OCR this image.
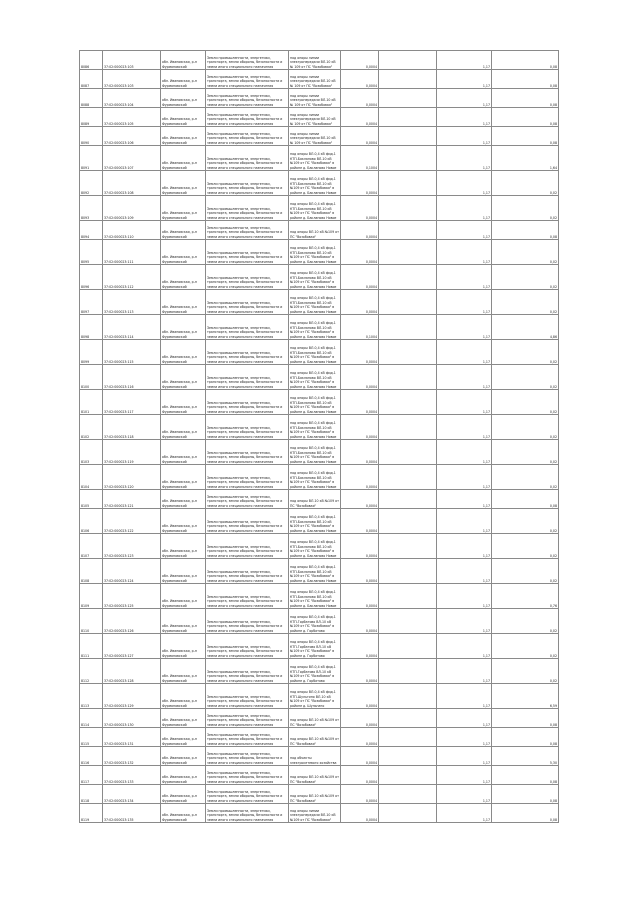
8086	37:02:000023:103	обл. Ивановская, р-н Фурмановский	Земли промышленности, энергетики, транспорта, земли обороны, безопасности и земли иного специального назначения	под опоры линии электропередачи ВЛ-10 кВ № 109 от ПС "Возобовая"	0,0004		1,17	0,08
8087	37:02:000023:103	обл. Ивановская, р-н Фурмановский	Земли промышленности, энергетики, транспорта, земли обороны, безопасности и земли иного специального назначения	под опоры линии электропередачи ВЛ-10 кВ № 109 от ПС "Возобовая"	0,0004		1,17	0,08
8088	37:02:000023:104	обл. Ивановская, р-н Фурмановский	Земли промышленности, энергетики, транспорта, земли обороны, безопасности и земли иного специального назначения	под опоры линии электропередачи ВЛ-10 кВ № 109 от ПС "Возобовая"	0,0004		1,17	0,08
8089	37:02:000023:105	обл. Ивановская, р-н Фурмановский	Земли промышленности, энергетики, транспорта, земли обороны, безопасности и земли иного специального назначения	под опоры линии электропередачи ВЛ-10 кВ № 109 от ПС "Возобовая"	0,0004		1,17	0,08
8090	37:02:000023:106	обл. Ивановская, р-н Фурмановский	Земли промышленности, энергетики, транспорта, земли обороны, безопасности и земли иного специального назначения	под опоры линии электропередачи ВЛ-10 кВ № 109 от ПС "Возобовая"	0,0004		1,17	0,08
8091	37:02:000023:107	обл. Ивановская, р-н Фурмановский	Земли промышленности, энергетики, транспорта, земли обороны, безопасности и земли иного специального назначения	под опоры ВЛ-0,4 кВ фид.1 КТП-Бакланово ВЛ-10 кВ №109 от ПС "Возобовая" в районе д. Бакланово Новое	0,1004		1,17	1,64
8092	37:02:000023:108	обл. Ивановская, р-н Фурмановский	Земли промышленности, энергетики, транспорта, земли обороны, безопасности и земли иного специального назначения	под опоры ВЛ-0,4 кВ фид.1 КТП-Бакланово ВЛ-10 кВ №109 от ПС "Возобовая" в районе д. Бакланово Новое	0,0004		1,17	0,02
8093	37:02:000023:109	обл. Ивановская, р-н Фурмановский	Земли промышленности, энергетики, транспорта, земли обороны, безопасности и земли иного специального назначения	под опоры ВЛ-0,4 кВ фид.1 КТП-Бакланово ВЛ-10 кВ №109 от ПС "Возобовая" в районе д. Бакланово Новое	0,0004		1,17	0,02
8094	37:02:000023:110	обл. Ивановская, р-н Фурмановский	Земли промышленности, энергетики, транспорта, земли обороны, безопасности и земли иного специального назначения	под опоры ВЛ-10 кВ №109 от ПС "Возобовая"	0,0004		1,17	0,08
8095	37:02:000023:111	обл. Ивановская, р-н Фурмановский	Земли промышленности, энергетики, транспорта, земли обороны, безопасности и земли иного специального назначения	под опоры ВЛ-0,4 кВ фид.1 КТП-Бакланово ВЛ-10 кВ №109 от ПС "Возобовая" в районе д. Бакланово Новое	0,0004		1,17	0,02
8096	37:02:000023:112	обл. Ивановская, р-н Фурмановский	Земли промышленности, энергетики, транспорта, земли обороны, безопасности и земли иного специального назначения	под опоры ВЛ-0,4 кВ фид.1 КТП-Бакланово ВЛ-10 кВ №109 от ПС "Возобовая" в районе д. Бакланово Новое	0,0004		1,17	0,02
8097	37:02:000023:113	обл. Ивановская, р-н Фурмановский	Земли промышленности, энергетики, транспорта, земли обороны, безопасности и земли иного специального назначения	под опоры ВЛ-0,4 кВ фид.1 КТП-Бакланово ВЛ-10 кВ №109 от ПС "Возобовая" в районе д. Бакланово Новое	0,0004		1,17	0,02
8098	37:02:000023:114	обл. Ивановская, р-н Фурмановский	Земли промышленности, энергетики, транспорта, земли обороны, безопасности и земли иного специального назначения	под опоры ВЛ-0,4 кВ фид.1 КТП-Бакланово ВЛ-10 кВ №109 от ПС "Возобовая" в районе д. Бакланово Новое	0,1004		1,17	4,86
8099	37:02:000023:115	обл. Ивановская, р-н Фурмановский	Земли промышленности, энергетики, транспорта, земли обороны, безопасности и земли иного специального назначения	под опоры ВЛ-0,4 кВ фид.1 КТП-Бакланово ВЛ-10 кВ №109 от ПС "Возобовая" в районе д. Бакланово Новое	0,0004		1,17	0,02
8100	37:02:000023:116	обл. Ивановская, р-н Фурмановский	Земли промышленности, энергетики, транспорта, земли обороны, безопасности и земли иного специального назначения	под опоры ВЛ-0,4 кВ фид.1 КТП-Бакланово ВЛ-10 кВ №109 от ПС "Возобовая" в районе д. Бакланово Новое	0,0004		1,17	0,02
8101	37:02:000023:117	обл. Ивановская, р-н Фурмановский	Земли промышленности, энергетики, транспорта, земли обороны, безопасности и земли иного специального назначения	под опоры ВЛ-0,4 кВ фид.1 КТП-Бакланово ВЛ-10 кВ №109 от ПС "Возобовая" в районе д. Бакланово Новое	0,0004		1,17	0,02
8102	37:02:000023:118	обл. Ивановская, р-н Фурмановский	Земли промышленности, энергетики, транспорта, земли обороны, безопасности и земли иного специального назначения	под опоры ВЛ-0,4 кВ фид.1 КТП-Бакланово ВЛ-10 кВ №109 от ПС "Возобовая" в районе д. Бакланово Новое	0,0004		1,17	0,02
8103	37:02:000023:119	обл. Ивановская, р-н Фурмановский	Земли промышленности, энергетики, транспорта, земли обороны, безопасности и земли иного специального назначения	под опоры ВЛ-0,4 кВ фид.1 КТП-Бакланово ВЛ-10 кВ №109 от ПС "Возобовая" в районе д. Бакланово Новое	0,0004		1,17	0,02
8104	37:02:000023:120	обл. Ивановская, р-н Фурмановский	Земли промышленности, энергетики, транспорта, земли обороны, безопасности и земли иного специального назначения	под опоры ВЛ-0,4 кВ фид.1 КТП-Бакланово ВЛ-10 кВ №109 от ПС "Возобовая" в районе д. Бакланово Новое	0,0004		1,17	0,02
8105	37:02:000023:121	обл. Ивановская, р-н Фурмановский	Земли промышленности, энергетики, транспорта, земли обороны, безопасности и земли иного специального назначения	под опоры ВЛ-10 кВ №109 от ПС "Возобовая"	0,0004		1,17	0,08
8106	37:02:000023:122	обл. Ивановская, р-н Фурмановский	Земли промышленности, энергетики, транспорта, земли обороны, безопасности и земли иного специального назначения	под опоры ВЛ-0,4 кВ фид.1 КТП-Бакланово ВЛ-10 кВ №109 от ПС "Возобовая" в районе д. Бакланово Новое	0,0004		1,17	0,02
8107	37:02:000023:123	обл. Ивановская, р-н Фурмановский	Земли промышленности, энергетики, транспорта, земли обороны, безопасности и земли иного специального назначения	под опоры ВЛ-0,4 кВ фид.1 КТП-Бакланово ВЛ-10 кВ №109 от ПС "Возобовая" в районе д. Бакланово Новое	0,0004		1,17	0,02
8108	37:02:000023:124	обл. Ивановская, р-н Фурмановский	Земли промышленности, энергетики, транспорта, земли обороны, безопасности и земли иного специального назначения	под опоры ВЛ-0,4 кВ фид.1 КТП-Бакланово ВЛ-10 кВ №109 от ПС "Возобовая" в районе д. Бакланово Новое	0,0004		1,17	0,02
8109	37:02:000023:125	обл. Ивановская, р-н Фурмановский	Земли промышленности, энергетики, транспорта, земли обороны, безопасности и земли иного специального назначения	под опоры ВЛ-0,4 кВ фид.1 КТП-Бакланово ВЛ-10 кВ №109 от ПС "Возобовая" в районе д. Бакланово Новое	0,0004		1,17	0,76
8110	37:02:000023:126	обл. Ивановская, р-н Фурмановский	Земли промышленности, энергетики, транспорта, земли обороны, безопасности и земли иного специального назначения	под опоры ВЛ-0,4 кВ фид.1 КТП-Горбатово ВЛ-10 кВ №109 от ПС "Возобовая" в районе д. Горбатово	0,0004		1,17	0,02
8111	37:02:000023:127	обл. Ивановская, р-н Фурмановский	Земли промышленности, энергетики, транспорта, земли обороны, безопасности и земли иного специального назначения	под опоры ВЛ-0,4 кВ фид.1 КТП-Горбатово ВЛ-10 кВ №109 от ПС "Возобовая" в районе д. Горбатово	0,0004		1,17	0,02
8112	37:02:000023:128	обл. Ивановская, р-н Фурмановский	Земли промышленности, энергетики, транспорта, земли обороны, безопасности и земли иного специального назначения	под опоры ВЛ-0,4 кВ фид.1 КТП-Горбатово ВЛ-10 кВ №109 от ПС "Возобовая" в районе д. Горбатово	0,0004		1,17	0,02
8113	37:02:000023:129	обл. Ивановская, р-н Фурмановский	Земли промышленности, энергетики, транспорта, земли обороны, безопасности и земли иного специального назначения	под опоры ВЛ-0,4 кВ фид.1 КТП-Шульгино ВЛ-10 кВ №109 от ПС "Возобовая" в районе д. Шульгино	0,0004		1,17	6,59
8114	37:02:000023:130	обл. Ивановская, р-н Фурмановский	Земли промышленности, энергетики, транспорта, земли обороны, безопасности и земли иного специального назначения	под опоры ВЛ-10 кВ №109 от ПС "Возобовая"	0,0004		1,17	0,08
8115	37:02:000023:131	обл. Ивановская, р-н Фурмановский	Земли промышленности, энергетики, транспорта, земли обороны, безопасности и земли иного специального назначения	под опоры ВЛ-10 кВ №109 от ПС "Возобовая"	0,0004		1,17	0,08
8116	37:02:000023:132	обл. Ивановская, р-н Фурмановский	Земли промышленности, энергетики, транспорта, земли обороны, безопасности и земли иного специального назначения	под объекты электросетевого хозяйства	0,0004		1,17	5,30
8117	37:02:000023:133	обл. Ивановская, р-н Фурмановский	Земли промышленности, энергетики, транспорта, земли обороны, безопасности и земли иного специального назначения	под опоры ВЛ-10 кВ №109 от ПС "Возобовая"	0,0004		1,17	0,08
8118	37:02:000023:134	обл. Ивановская, р-н Фурмановский	Земли промышленности, энергетики, транспорта, земли обороны, безопасности и земли иного специального назначения	под опоры ВЛ-10 кВ №109 от ПС "Возобовая"	0,0004		1,17	0,08
8119	37:02:000023:135	обл. Ивановская, р-н Фурмановский	Земли промышленности, энергетики, транспорта, земли обороны, безопасности и земли иного специального назначения	под опоры линии электропередачи ВЛ-10 кВ №109 от ПС "Возобовая"	0,0004		1,17	0,08
